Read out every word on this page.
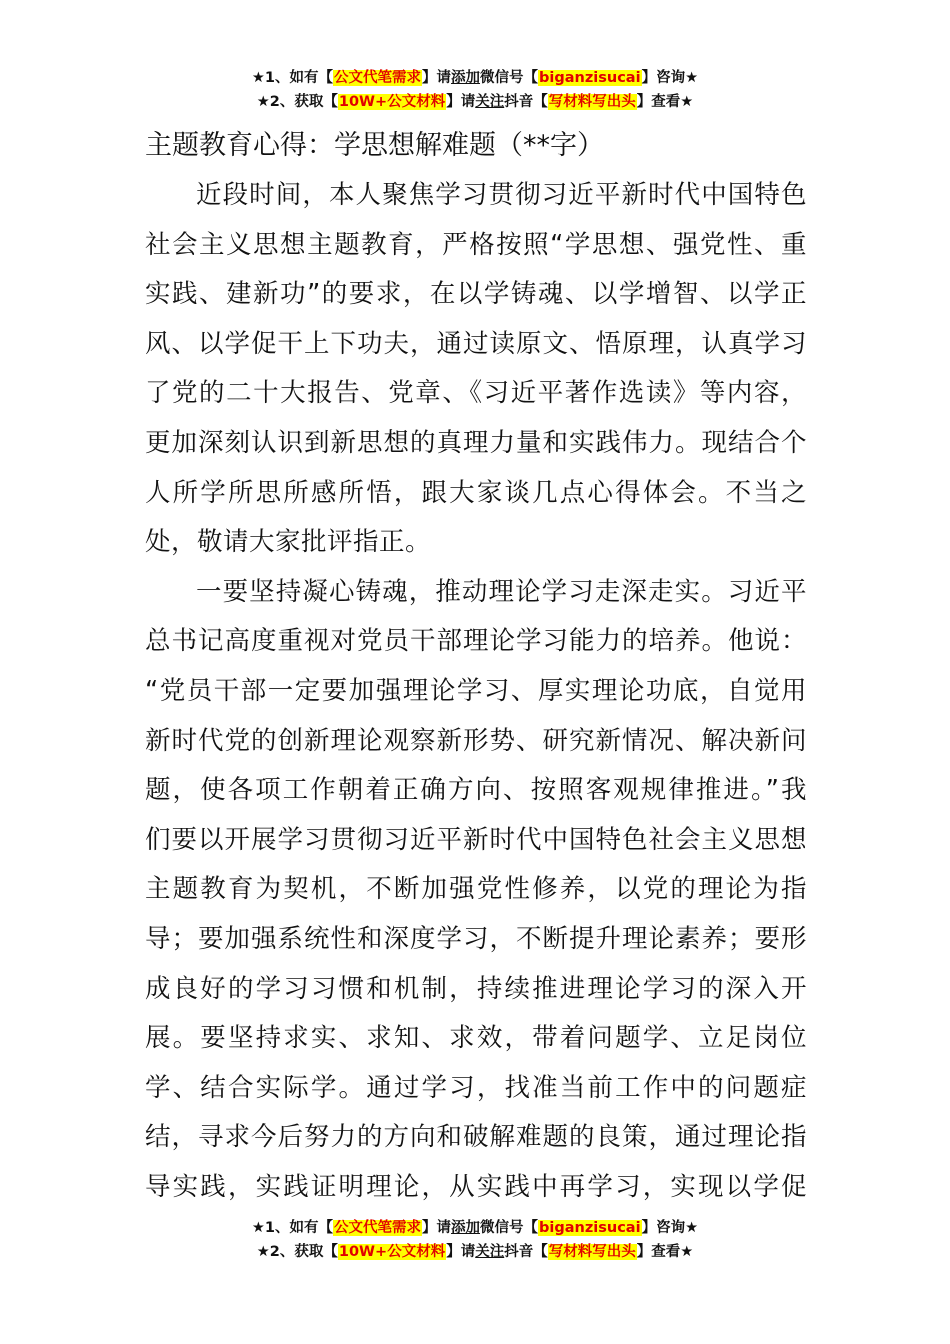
★1、如有【公文代笔需求】请添加微信号【biganzisucai】咨询★
★2、获取【10W+公文材料】请关注抖音【写材料写出头】查看★
主题教育心得：学思想解难题（**字）
近段时间，本人聚焦学习贯彻习近平新时代中国特色
社会主义思想主题教育，严格按照“学思想、强党性、重
实践、建新功”的要求，在以学铸魂、以学增智、以学正
风、以学促干上下功夫，通过读原文、悟原理，认真学习
了党的二十大报告、党章、《习近平著作选读》等内容，
更加深刻认识到新思想的真理力量和实践伟力。现结合个
人所学所思所感所悟，跟大家谈几点心得体会。不当之
处，敬请大家批评指正。
一要坚持凝心铸魂，推动理论学习走深走实。习近平
总书记高度重视对党员干部理论学习能力的培养。他说：
“党员干部一定要加强理论学习、厚实理论功底，自觉用
新时代党的创新理论观察新形势、研究新情况、解决新问
题，使各项工作朝着正确方向、按照客观规律推进。”我
们要以开展学习贯彻习近平新时代中国特色社会主义思想
主题教育为契机，不断加强党性修养，以党的理论为指
导；要加强系统性和深度学习，不断提升理论素养；要形
成良好的学习习惯和机制，持续推进理论学习的深入开
展。要坚持求实、求知、求效，带着问题学、立足岗位
学、结合实际学。通过学习，找准当前工作中的问题症
结，寻求今后努力的方向和破解难题的良策，通过理论指
导实践，实践证明理论，从实践中再学习，实现以学促
★1、如有【公文代笔需求】请添加微信号【biganzisucai】咨询★
★2、获取【10W+公文材料】请关注抖音【写材料写出头】查看★
